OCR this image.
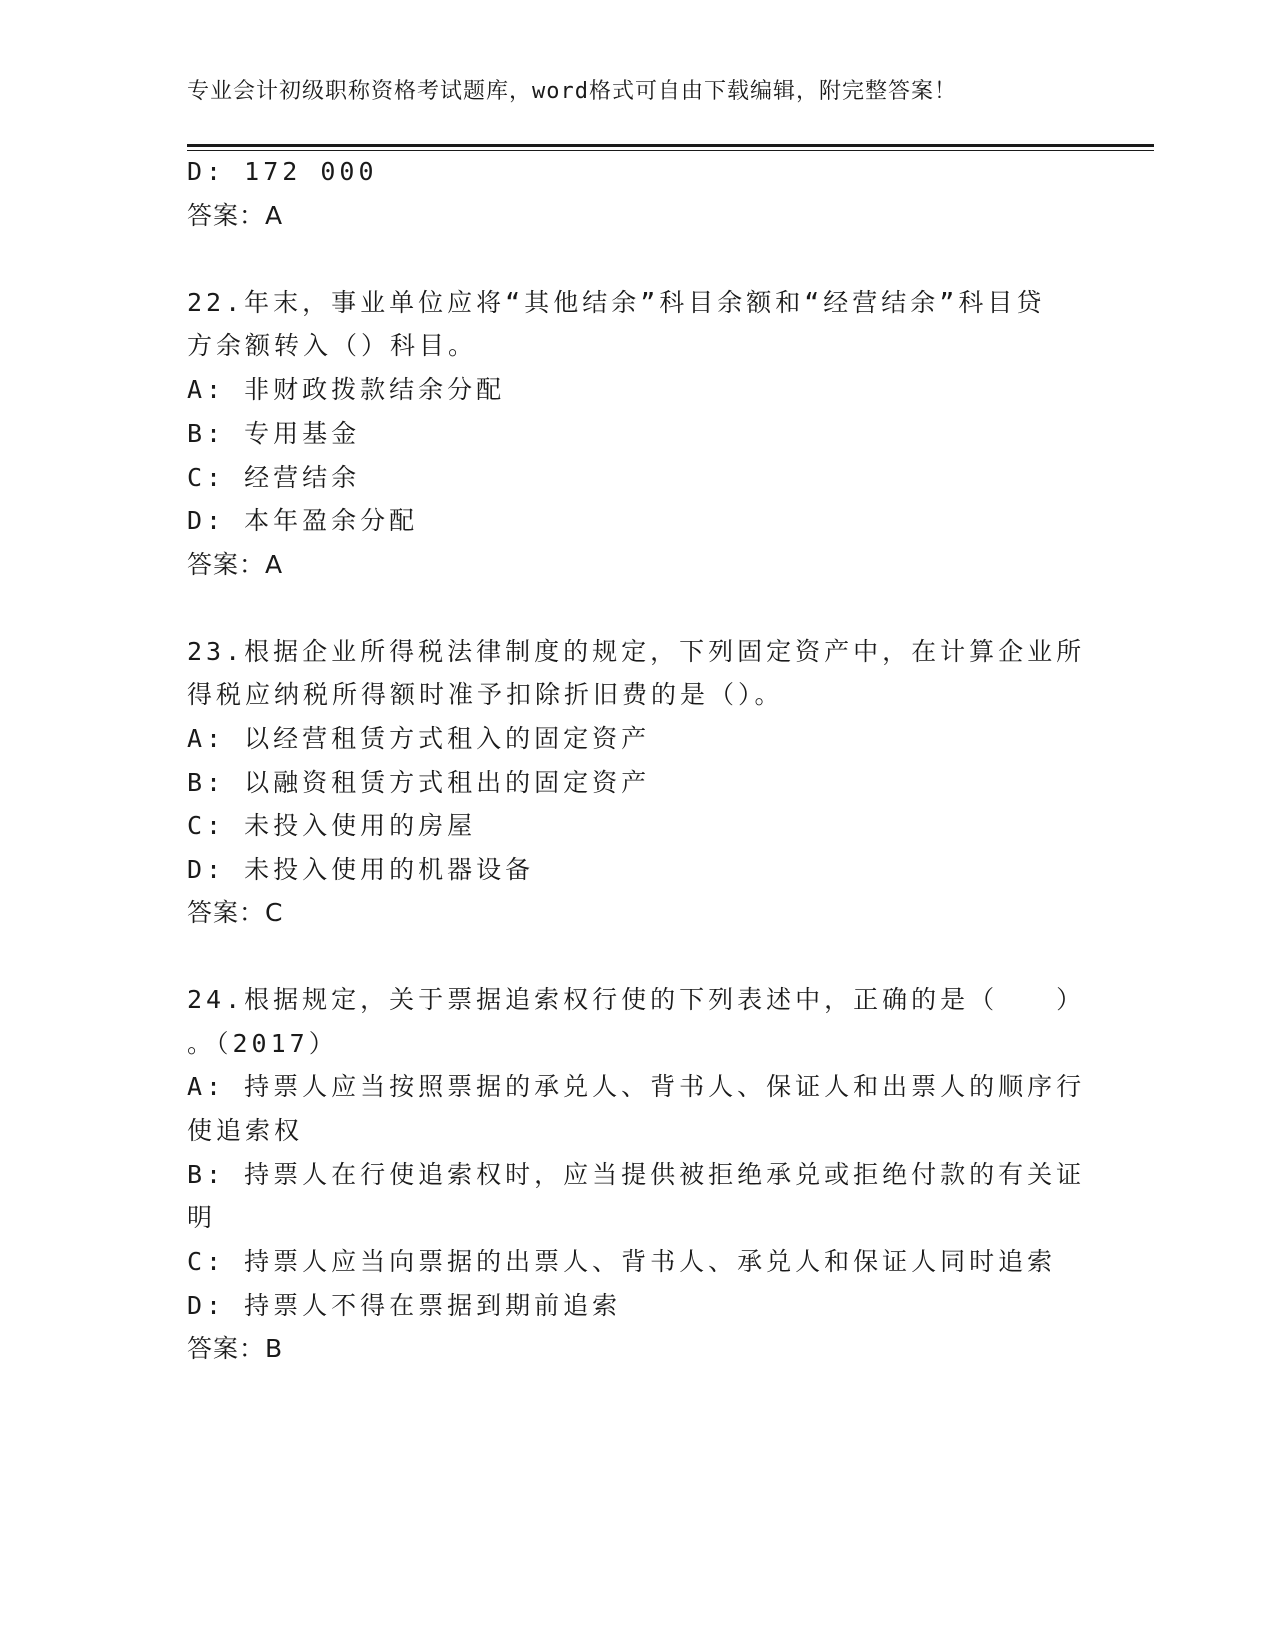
专业会计初级职称资格考试题库，word格式可自由下载编辑，附完整答案！
D: 172 000
答案：A
22.年末，事业单位应将“其他结余”科目余额和“经营结余”科目贷
方余额转入（）科目。
A: 非财政拨款结余分配
B: 专用基金
C: 经营结余
D: 本年盈余分配
答案：A
23.根据企业所得税法律制度的规定，下列固定资产中，在计算企业所
得税应纳税所得额时准予扣除折旧费的是（）。
A: 以经营租赁方式租入的固定资产
B: 以融资租赁方式租出的固定资产
C: 未投入使用的房屋
D: 未投入使用的机器设备
答案：C
24.根据规定，关于票据追索权行使的下列表述中，正确的是（　　）
。（2017）
A: 持票人应当按照票据的承兑人、背书人、保证人和出票人的顺序行
使追索权
B: 持票人在行使追索权时，应当提供被拒绝承兑或拒绝付款的有关证
明
C: 持票人应当向票据的出票人、背书人、承兑人和保证人同时追索
D: 持票人不得在票据到期前追索
答案：B
